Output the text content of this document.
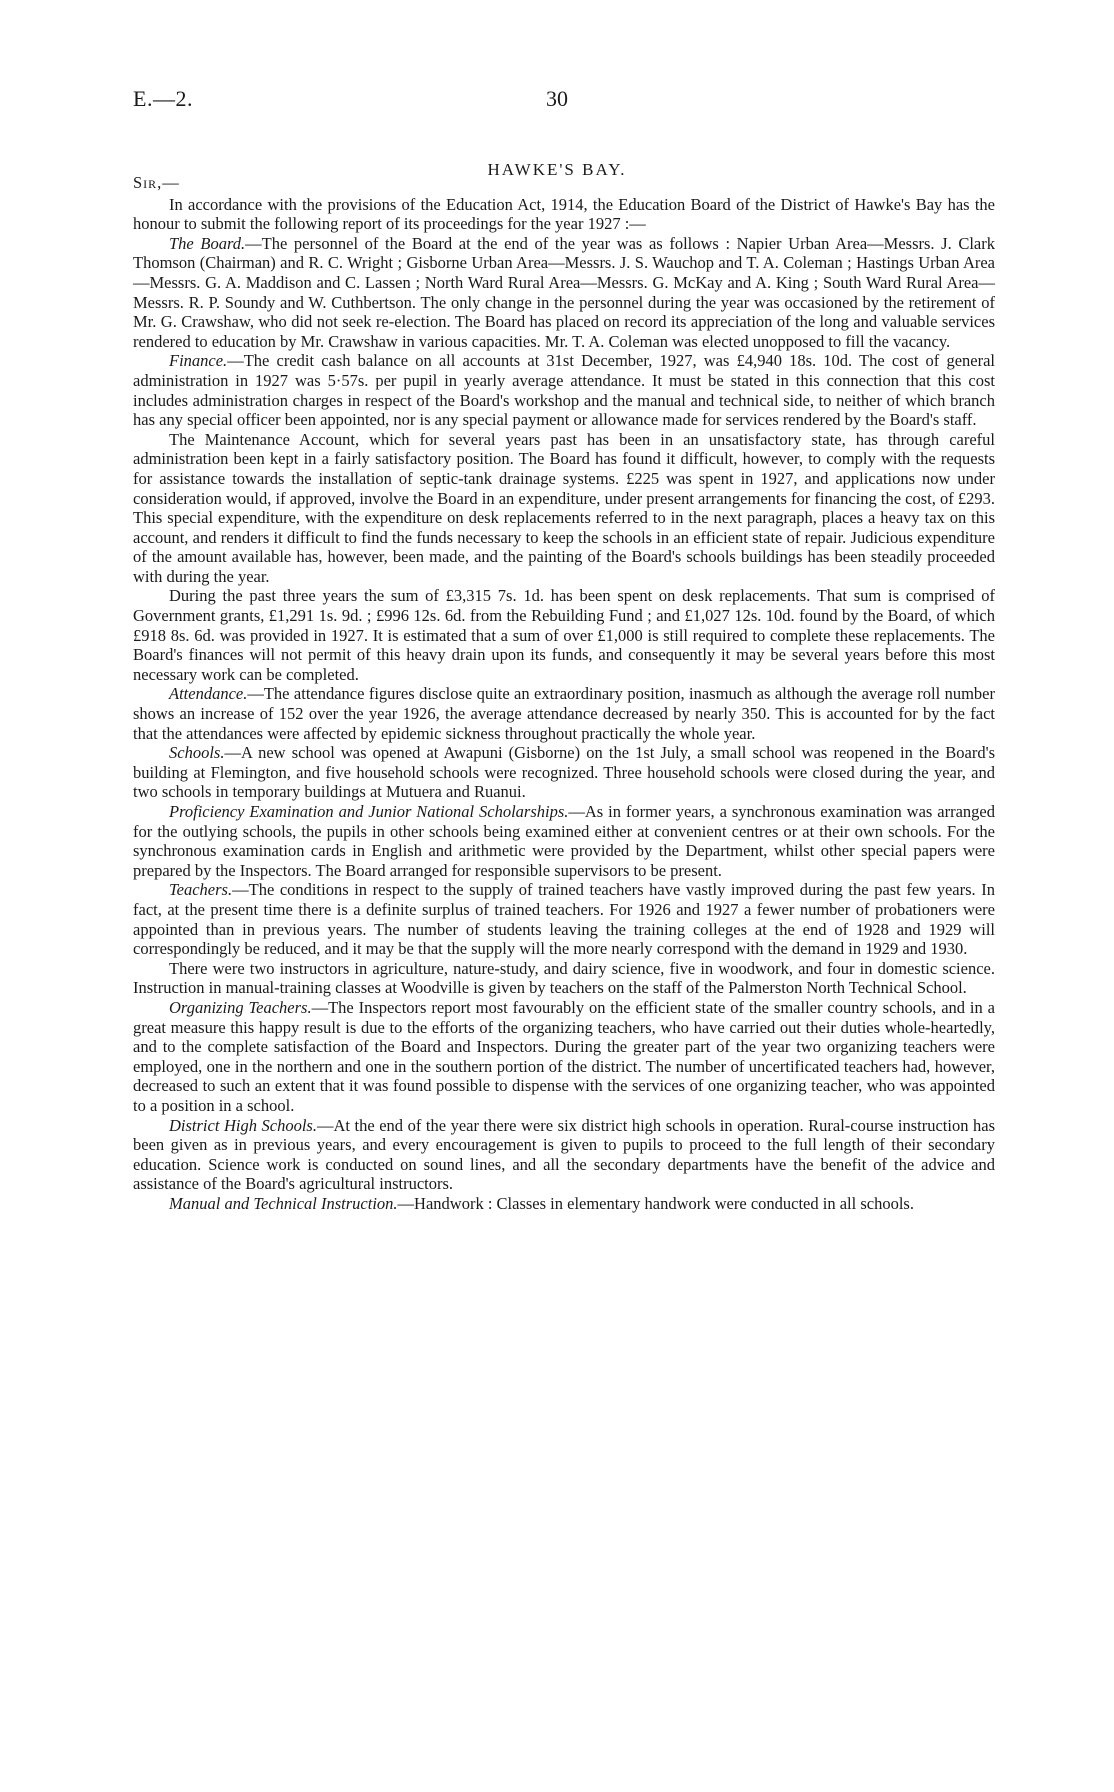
E.—2.	30
HAWKE'S BAY.

Sir,—

In accordance with the provisions of the Education Act, 1914, the Education Board of the District of Hawke's Bay has the honour to submit the following report of its proceedings for the year 1927 :—

The Board.—The personnel of the Board at the end of the year was as follows : Napier Urban Area—Messrs. J. Clark Thomson (Chairman) and R. C. Wright ; Gisborne Urban Area—Messrs. J. S. Wauchop and T. A. Coleman ; Hastings Urban Area—Messrs. G. A. Maddison and C. Lassen ; North Ward Rural Area—Messrs. G. McKay and A. King ; South Ward Rural Area—Messrs. R. P. Soundy and W. Cuthbertson. The only change in the personnel during the year was occasioned by the retirement of Mr. G. Crawshaw, who did not seek re-election. The Board has placed on record its appreciation of the long and valuable services rendered to education by Mr. Crawshaw in various capacities. Mr. T. A. Coleman was elected unopposed to fill the vacancy.

Finance.—The credit cash balance on all accounts at 31st December, 1927, was £4,940 18s. 10d. The cost of general administration in 1927 was 5·57s. per pupil in yearly average attendance. It must be stated in this connection that this cost includes administration charges in respect of the Board's workshop and the manual and technical side, to neither of which branch has any special officer been appointed, nor is any special payment or allowance made for services rendered by the Board's staff.

The Maintenance Account, which for several years past has been in an unsatisfactory state, has through careful administration been kept in a fairly satisfactory position. The Board has found it difficult, however, to comply with the requests for assistance towards the installation of septic-tank drainage systems. £225 was spent in 1927, and applications now under consideration would, if approved, involve the Board in an expenditure, under present arrangements for financing the cost, of £293. This special expenditure, with the expenditure on desk replacements referred to in the next paragraph, places a heavy tax on this account, and renders it difficult to find the funds necessary to keep the schools in an efficient state of repair. Judicious expenditure of the amount available has, however, been made, and the painting of the Board's schools buildings has been steadily proceeded with during the year.

During the past three years the sum of £3,315 7s. 1d. has been spent on desk replacements. That sum is comprised of Government grants, £1,291 1s. 9d. ; £996 12s. 6d. from the Rebuilding Fund ; and £1,027 12s. 10d. found by the Board, of which £918 8s. 6d. was provided in 1927. It is estimated that a sum of over £1,000 is still required to complete these replacements. The Board's finances will not permit of this heavy drain upon its funds, and consequently it may be several years before this most necessary work can be completed.

Attendance.—The attendance figures disclose quite an extraordinary position, inasmuch as although the average roll number shows an increase of 152 over the year 1926, the average attendance decreased by nearly 350. This is accounted for by the fact that the attendances were affected by epidemic sickness throughout practically the whole year.

Schools.—A new school was opened at Awapuni (Gisborne) on the 1st July, a small school was reopened in the Board's building at Flemington, and five household schools were recognized. Three household schools were closed during the year, and two schools in temporary buildings at Mutuera and Ruanui.

Proficiency Examination and Junior National Scholarships.—As in former years, a synchronous examination was arranged for the outlying schools, the pupils in other schools being examined either at convenient centres or at their own schools. For the synchronous examination cards in English and arithmetic were provided by the Department, whilst other special papers were prepared by the Inspectors. The Board arranged for responsible supervisors to be present.

Teachers.—The conditions in respect to the supply of trained teachers have vastly improved during the past few years. In fact, at the present time there is a definite surplus of trained teachers. For 1926 and 1927 a fewer number of probationers were appointed than in previous years. The number of students leaving the training colleges at the end of 1928 and 1929 will correspondingly be reduced, and it may be that the supply will the more nearly correspond with the demand in 1929 and 1930.

There were two instructors in agriculture, nature-study, and dairy science, five in woodwork, and four in domestic science. Instruction in manual-training classes at Woodville is given by teachers on the staff of the Palmerston North Technical School.

Organizing Teachers.—The Inspectors report most favourably on the efficient state of the smaller country schools, and in a great measure this happy result is due to the efforts of the organizing teachers, who have carried out their duties whole-heartedly, and to the complete satisfaction of the Board and Inspectors. During the greater part of the year two organizing teachers were employed, one in the northern and one in the southern portion of the district. The number of uncertificated teachers had, however, decreased to such an extent that it was found possible to dispense with the services of one organizing teacher, who was appointed to a position in a school.

District High Schools.—At the end of the year there were six district high schools in operation. Rural-course instruction has been given as in previous years, and every encouragement is given to pupils to proceed to the full length of their secondary education. Science work is conducted on sound lines, and all the secondary departments have the benefit of the advice and assistance of the Board's agricultural instructors.

Manual and Technical Instruction.—Handwork : Classes in elementary handwork were conducted in all schools.
